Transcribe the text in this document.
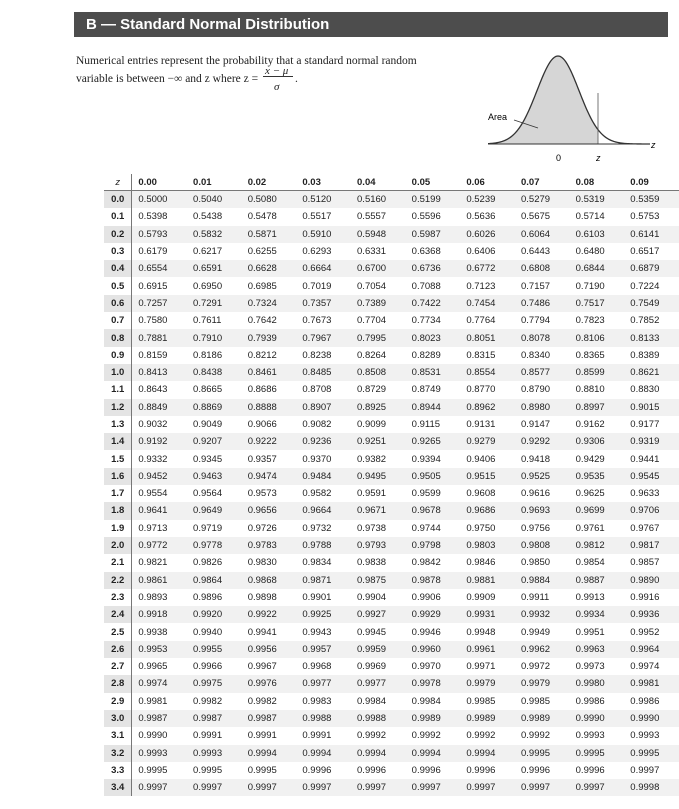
B — Standard Normal Distribution
Numerical entries represent the probability that a standard normal random
variable is between −∞ and z where $z = \frac{x - \mu}{\sigma}$ .
Area
0	z
z
z	0.00	0.01	0.02	0.03	0.04	0.05	0.06	0.07	0.08	0.09
0.0	0.5000	0.5040	0.5080	0.5120	0.5160	0.5199	0.5239	0.5279	0.5319	0.5359
0.1	0.5398	0.5438	0.5478	0.5517	0.5557	0.5596	0.5636	0.5675	0.5714	0.5753
0.2	0.5793	0.5832	0.5871	0.5910	0.5948	0.5987	0.6026	0.6064	0.6103	0.6141
0.3	0.6179	0.6217	0.6255	0.6293	0.6331	0.6368	0.6406	0.6443	0.6480	0.6517
0.4	0.6554	0.6591	0.6628	0.6664	0.6700	0.6736	0.6772	0.6808	0.6844	0.6879
0.5	0.6915	0.6950	0.6985	0.7019	0.7054	0.7088	0.7123	0.7157	0.7190	0.7224
0.6	0.7257	0.7291	0.7324	0.7357	0.7389	0.7422	0.7454	0.7486	0.7517	0.7549
0.7	0.7580	0.7611	0.7642	0.7673	0.7704	0.7734	0.7764	0.7794	0.7823	0.7852
0.8	0.7881	0.7910	0.7939	0.7967	0.7995	0.8023	0.8051	0.8078	0.8106	0.8133
0.9	0.8159	0.8186	0.8212	0.8238	0.8264	0.8289	0.8315	0.8340	0.8365	0.8389
1.0	0.8413	0.8438	0.8461	0.8485	0.8508	0.8531	0.8554	0.8577	0.8599	0.8621
1.1	0.8643	0.8665	0.8686	0.8708	0.8729	0.8749	0.8770	0.8790	0.8810	0.8830
1.2	0.8849	0.8869	0.8888	0.8907	0.8925	0.8944	0.8962	0.8980	0.8997	0.9015
1.3	0.9032	0.9049	0.9066	0.9082	0.9099	0.9115	0.9131	0.9147	0.9162	0.9177
1.4	0.9192	0.9207	0.9222	0.9236	0.9251	0.9265	0.9279	0.9292	0.9306	0.9319
1.5	0.9332	0.9345	0.9357	0.9370	0.9382	0.9394	0.9406	0.9418	0.9429	0.9441
1.6	0.9452	0.9463	0.9474	0.9484	0.9495	0.9505	0.9515	0.9525	0.9535	0.9545
1.7	0.9554	0.9564	0.9573	0.9582	0.9591	0.9599	0.9608	0.9616	0.9625	0.9633
1.8	0.9641	0.9649	0.9656	0.9664	0.9671	0.9678	0.9686	0.9693	0.9699	0.9706
1.9	0.9713	0.9719	0.9726	0.9732	0.9738	0.9744	0.9750	0.9756	0.9761	0.9767
2.0	0.9772	0.9778	0.9783	0.9788	0.9793	0.9798	0.9803	0.9808	0.9812	0.9817
2.1	0.9821	0.9826	0.9830	0.9834	0.9838	0.9842	0.9846	0.9850	0.9854	0.9857
2.2	0.9861	0.9864	0.9868	0.9871	0.9875	0.9878	0.9881	0.9884	0.9887	0.9890
2.3	0.9893	0.9896	0.9898	0.9901	0.9904	0.9906	0.9909	0.9911	0.9913	0.9916
2.4	0.9918	0.9920	0.9922	0.9925	0.9927	0.9929	0.9931	0.9932	0.9934	0.9936
2.5	0.9938	0.9940	0.9941	0.9943	0.9945	0.9946	0.9948	0.9949	0.9951	0.9952
2.6	0.9953	0.9955	0.9956	0.9957	0.9959	0.9960	0.9961	0.9962	0.9963	0.9964
2.7	0.9965	0.9966	0.9967	0.9968	0.9969	0.9970	0.9971	0.9972	0.9973	0.9974
2.8	0.9974	0.9975	0.9976	0.9977	0.9977	0.9978	0.9979	0.9979	0.9980	0.9981
2.9	0.9981	0.9982	0.9982	0.9983	0.9984	0.9984	0.9985	0.9985	0.9986	0.9986
3.0	0.9987	0.9987	0.9987	0.9988	0.9988	0.9989	0.9989	0.9989	0.9990	0.9990
3.1	0.9990	0.9991	0.9991	0.9991	0.9992	0.9992	0.9992	0.9992	0.9993	0.9993
3.2	0.9993	0.9993	0.9994	0.9994	0.9994	0.9994	0.9994	0.9995	0.9995	0.9995
3.3	0.9995	0.9995	0.9995	0.9996	0.9996	0.9996	0.9996	0.9996	0.9996	0.9997
3.4	0.9997	0.9997	0.9997	0.9997	0.9997	0.9997	0.9997	0.9997	0.9997	0.9998
